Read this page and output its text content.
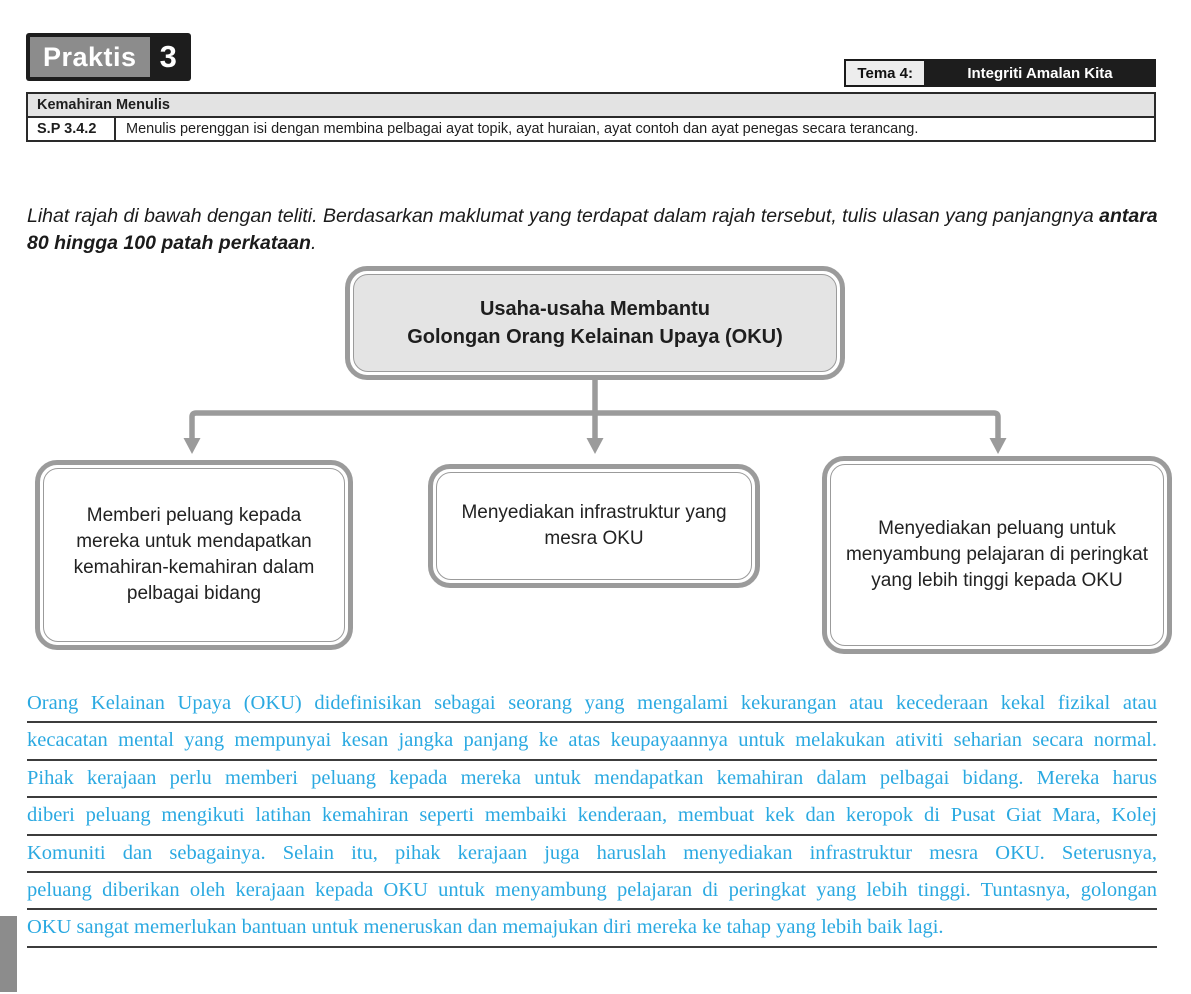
Praktis 3	Tema 4:	Integriti Amalan Kita
Kemahiran Menulis
S.P 3.4.2	Menulis perenggan isi dengan membina pelbagai ayat topik, ayat huraian, ayat contoh dan ayat penegas secara terancang.

Lihat rajah di bawah dengan teliti. Berdasarkan maklumat yang terdapat dalam rajah tersebut, tulis ulasan yang panjangnya antara 80 hingga 100 patah perkataan.

Usaha-usaha Membantu
Golongan Orang Kelainan Upaya (OKU)
Memberi peluang kepada mereka untuk mendapatkan kemahiran-kemahiran dalam pelbagai bidang
Menyediakan infrastruktur yang mesra OKU	Menyediakan peluang untuk menyambung pelajaran di peringkat yang lebih tinggi kepada OKU
Orang Kelainan Upaya (OKU) didefinisikan sebagai seorang yang mengalami kekurangan atau kecederaan kekal fizikal atau
kecacatan mental yang mempunyai kesan jangka panjang ke atas keupayaannya untuk melakukan ativiti seharian secara normal.
Pihak kerajaan perlu memberi peluang kepada mereka untuk mendapatkan kemahiran dalam pelbagai bidang. Mereka harus
diberi peluang mengikuti latihan kemahiran seperti membaiki kenderaan, membuat kek dan keropok di Pusat Giat Mara, Kolej
Komuniti dan sebagainya. Selain itu, pihak kerajaan juga haruslah menyediakan infrastruktur mesra OKU. Seterusnya,
peluang diberikan oleh kerajaan kepada OKU untuk menyambung pelajaran di peringkat yang lebih tinggi. Tuntasnya, golongan
OKU sangat memerlukan bantuan untuk meneruskan dan memajukan diri mereka ke tahap yang lebih baik lagi.
